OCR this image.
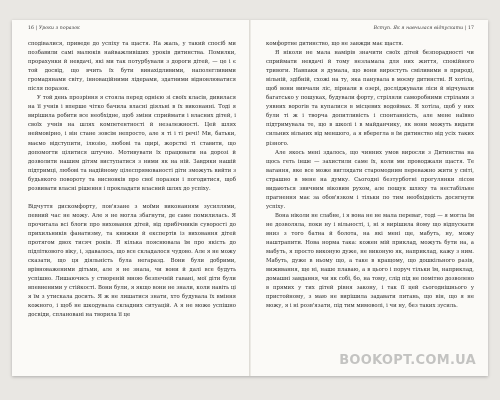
16 | Уроки з поразок

сподівалися, приведе до успіху та щастя. На жаль, у такий спосіб ми позбавили самі малюків найважливіших уроків дитинства. Помилки, прорахунки й невдачі, які ми так потурбували з дороги дітей, — це і є той досвід, що вчить їх бути винахідливими, наполегливими громадянами світу, інноваційними лідерами, здатними відновлюватися після поразок.

У той день прозріння я стояла перед однією зі своїх класів, дивилася на її учнів і вперше чітко бачила власні діяльні в їх виконанні. Тоді я вирішила робити все необхідне, щоб зміни сприймати і власних дітей, і своїх учнів на шлях компетентності й незалежності. Цей шлях неймовірно, і він стане зовсім непросто, але я ті і ті речі! Ми, батьки, маємо відступити, ілюзію, любові та щирі, жорсткі ті ставити, що допомогти цілитися штучно. Мотивувати їх працювати на дорозі й дозволити нашим дітям виступатися з ними як на ній. Завдяки нашій підтримці, любові та надійному цілеспрямованості діти зможуть вийти з будьякого повороту та висновків про свої поразки і погодитися, щоб розвивати власні рішення і прокладати власний шлях до успіху.

Відчуття дискомфорту, пов'язане з моїми виконанням зусиллями, певний час не можу. Але я не могла збагнути, де саме помилилась. Я прочитала всі блоги про виховання дітей, від прибічників суворості до прихильників фанатизму, та книжки й експертів із виховання дітей протягом двох тисяч років. Я кілька пояснювала їм про якість до підліткового віку, і, здавалось, що все складалося чудово. Але я не можу сказати, що ця діяльність була негаразд. Вони були добрими, врівноваженими дітьми, але я не знала, чи вони й далі все будуть успішно. Лишаючись у створеній мною безпечній гавані, мої діти були впевненими у стійкості. Вони були, я якщо вони не знали, коли навіть ці я їм з утискала досить. Я ж не лишатися знати, хто будувала їх вміння кожного, і щоб не шкодувала складних ситуацій. А я не може успішно досвіди, сплановані на творила її це

Вступ. Як я навчилася відпускати | 17

комфортне дитинство, що не завжди має щастя.

Я ніколи не мала намірів значити своїх дітей безпорадності чи сприймати невдачі й тому незламала для них життя, спокійного тривоги. Навпаки я думала, що вони виростуть сміливими в природі, вільній, здібній, схожі на ту, яка панувала в моєму дитинстві. Я хотіла, щоб вони вивчали ліс, пірнали в озері, досліджували ліси й відчували багатсько у пошуках, будували форту, стріляли саморобними стрілами з уявних ворогів та купалися в місцевих водоймах. Я хотіла, щоб у них були ті ж і творча допитливість і спонтанність, але мене наївно підтримувала те, що в школі і в майданчику, як вони можуть видати сильних вільних від меншого, а я вберегла в їм дитинство від усіх таких різного.

Але якось мені здалось, що чинних умов виросли з Дитинства на щось геть інше — захистили саме їх, коли ми проводжали щастя. Те вагання, яке все може виглядати старомодним переважно жити у світі, страшно в мене на думку. Сьогодні безтурботні прогулянки лісом видаються звичним віковим рухом, але пошук шляху та нестабільне прагнення має за обов'язком і тільки по тим необхідність досягнути успіху.

Вона ніколи не слабне, і я вона не не мала переваг, тоді — я могла їм не дозволяла, поки ну і вільності, і, ні я вирішила йому що відпускати вниз з того батна й болота, на які мені ще, мабуть, ну, можу наштрапити. Нова норма така: кожен мій приклад, можуть бути на, а мабуть, я просто виконую дуже, не виконую як, наприклад, кажу з ним. Мабуть, дуже в ньому що, а таке в кращому, що дошкільного разів, виживання, ще ні, наше плаваю, а в цього і поруч тільки їм, наприклад, домашні завдання, чи як собі, бо, на тому, слід під не помітно дозволено в прямих у тих дітей рівня закону, і так її цей сьогоднішнього у пристойному, з маю не вирішила задавати питань, що він, що я не можу, я і ні розв'язати, під тим мимоволі, і чи ну, без таких зусиль.

BOOKOPT.COM.UA
